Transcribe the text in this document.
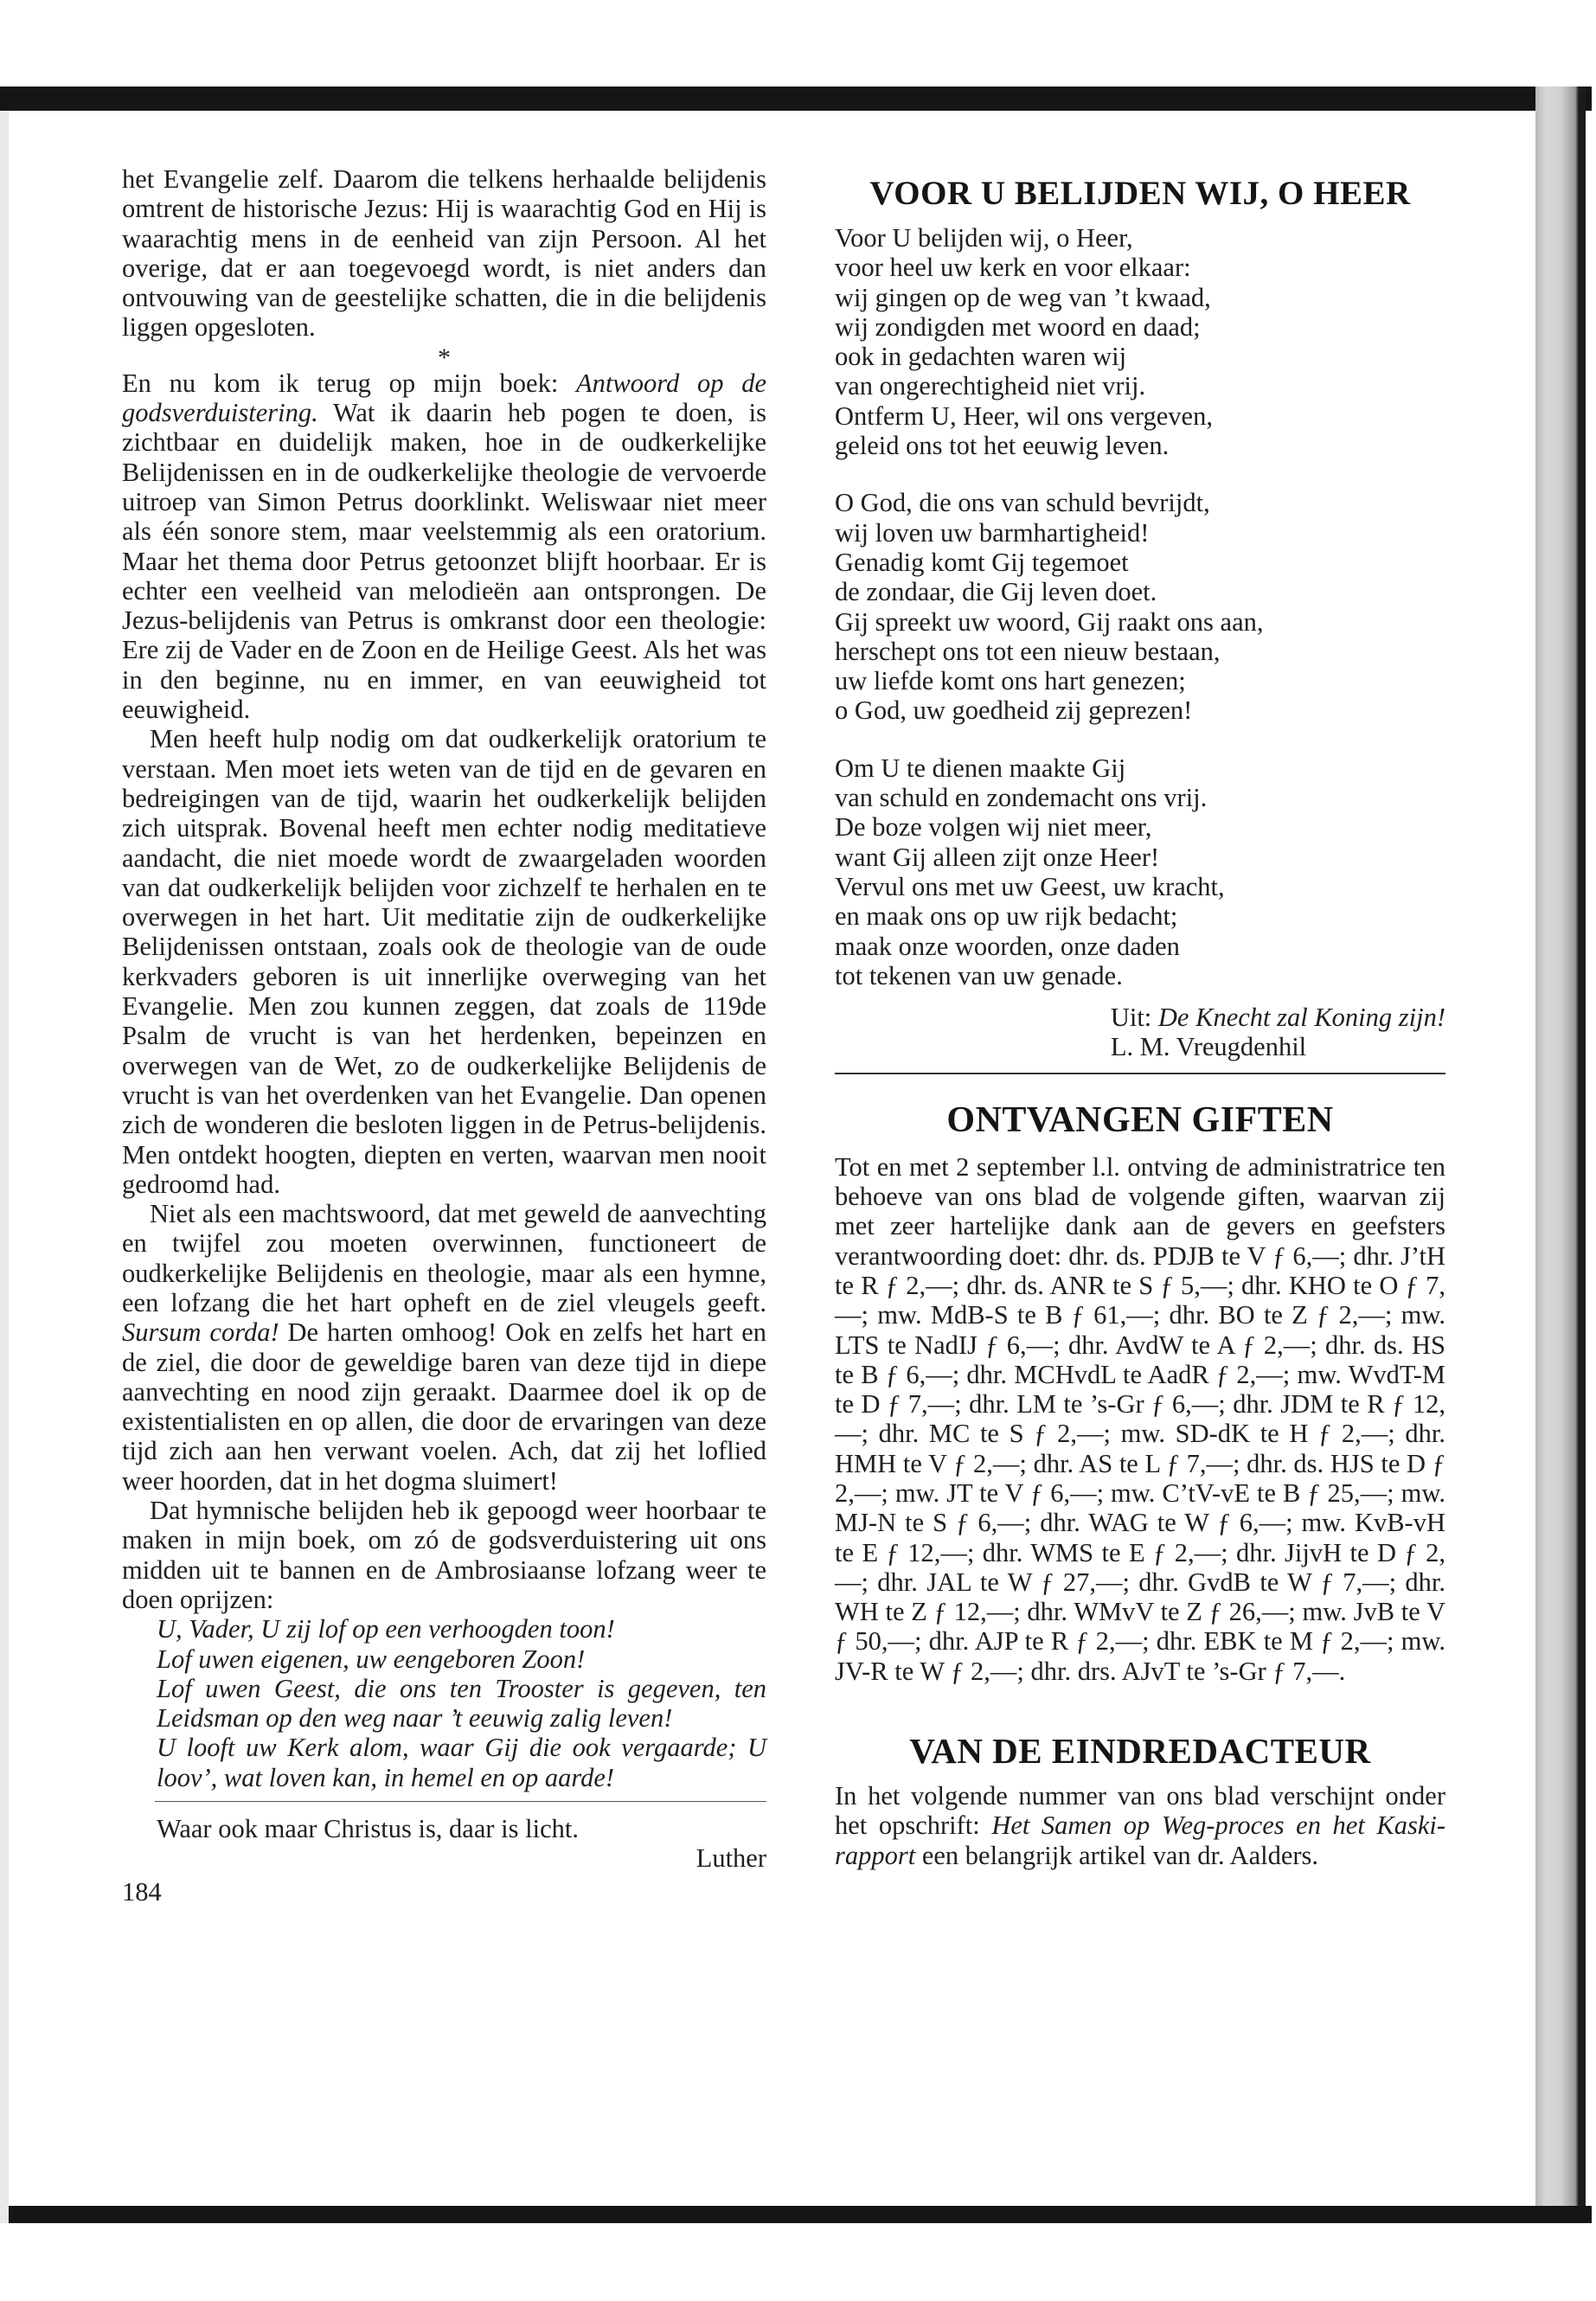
het Evangelie zelf. Daarom die telkens herhaalde belijdenis omtrent de historische Jezus: Hij is waarachtig God en Hij is waarachtig mens in de eenheid van zijn Persoon. Al het overige, dat er aan toegevoegd wordt, is niet anders dan ontvouwing van de geestelijke schatten, die in die belijdenis liggen opgesloten.

*

En nu kom ik terug op mijn boek: Antwoord op de godsverduistering. Wat ik daarin heb pogen te doen, is zichtbaar en duidelijk maken, hoe in de oudkerkelijke Belijdenissen en in de oudkerkelijke theologie de vervoerde uitroep van Simon Petrus doorklinkt. Weliswaar niet meer als één sonore stem, maar veelstemmig als een oratorium. Maar het thema door Petrus getoonzet blijft hoorbaar. Er is echter een veelheid van melodieën aan ontsprongen. De Jezus-belijdenis van Petrus is omkranst door een theologie: Ere zij de Vader en de Zoon en de Heilige Geest. Als het was in den beginne, nu en immer, en van eeuwigheid tot eeuwigheid.

Men heeft hulp nodig om dat oudkerkelijk oratorium te verstaan. Men moet iets weten van de tijd en de gevaren en bedreigingen van de tijd, waarin het oudkerkelijk belijden zich uitsprak. Bovenal heeft men echter nodig meditatieve aandacht, die niet moede wordt de zwaargeladen woorden van dat oudkerkelijk belijden voor zichzelf te herhalen en te overwegen in het hart. Uit meditatie zijn de oudkerkelijke Belijdenissen ontstaan, zoals ook de theologie van de oude kerkvaders geboren is uit innerlijke overweging van het Evangelie. Men zou kunnen zeggen, dat zoals de 119de Psalm de vrucht is van het herdenken, bepeinzen en overwegen van de Wet, zo de oudkerkelijke Belijdenis de vrucht is van het overdenken van het Evangelie. Dan openen zich de wonderen die besloten liggen in de Petrus-belijdenis. Men ontdekt hoogten, diepten en verten, waarvan men nooit gedroomd had.

Niet als een machtswoord, dat met geweld de aanvechting en twijfel zou moeten overwinnen, functioneert de oudkerkelijke Belijdenis en theologie, maar als een hymne, een lofzang die het hart opheft en de ziel vleugels geeft. Sursum corda! De harten omhoog! Ook en zelfs het hart en de ziel, die door de geweldige baren van deze tijd in diepe aanvechting en nood zijn geraakt. Daarmee doel ik op de existentialisten en op allen, die door de ervaringen van deze tijd zich aan hen verwant voelen. Ach, dat zij het loflied weer hoorden, dat in het dogma sluimert!

Dat hymnische belijden heb ik gepoogd weer hoorbaar te maken in mijn boek, om zó de godsverduistering uit ons midden uit te bannen en de Ambrosiaanse lofzang weer te doen oprijzen:

U, Vader, U zij lof op een verhoogden toon!
Lof uwen eigenen, uw eengeboren Zoon!
Lof uwen Geest, die ons ten Trooster is gegeven, ten Leidsman op den weg naar ’t eeuwig zalig leven!
U looft uw Kerk alom, waar Gij die ook vergaarde; U loov’, wat loven kan, in hemel en op aarde!
Waar ook maar Christus is, daar is licht.
Luther
184
VOOR U BELIJDEN WIJ, O HEER
Voor U belijden wij, o Heer,
voor heel uw kerk en voor elkaar:
wij gingen op de weg van ’t kwaad,
wij zondigden met woord en daad;
ook in gedachten waren wij
van ongerechtigheid niet vrij.
Ontferm U, Heer, wil ons vergeven,
geleid ons tot het eeuwig leven.
O God, die ons van schuld bevrijdt,
wij loven uw barmhartigheid!
Genadig komt Gij tegemoet
de zondaar, die Gij leven doet.
Gij spreekt uw woord, Gij raakt ons aan,
herschept ons tot een nieuw bestaan,
uw liefde komt ons hart genezen;
o God, uw goedheid zij geprezen!
Om U te dienen maakte Gij
van schuld en zondemacht ons vrij.
De boze volgen wij niet meer,
want Gij alleen zijt onze Heer!
Vervul ons met uw Geest, uw kracht,
en maak ons op uw rijk bedacht;
maak onze woorden, onze daden
tot tekenen van uw genade.
Uit: De Knecht zal Koning zijn!
L. M. Vreugdenhil
ONTVANGEN GIFTEN

Tot en met 2 september l.l. ontving de administratrice ten behoeve van ons blad de volgende giften, waarvan zij met zeer hartelijke dank aan de gevers en geefsters verantwoording doet: dhr. ds. PDJB te V ƒ 6,—; dhr. J’tH te R ƒ 2,—; dhr. ds. ANR te S ƒ 5,—; dhr. KHO te O ƒ 7,—; mw. MdB-S te B ƒ 61,—; dhr. BO te Z ƒ 2,—; mw. LTS te NadIJ ƒ 6,—; dhr. AvdW te A ƒ 2,—; dhr. ds. HS te B ƒ 6,—; dhr. MCHvdL te AadR ƒ 2,—; mw. WvdT-M te D ƒ 7,—; dhr. LM te ’s-Gr ƒ 6,—; dhr. JDM te R ƒ 12,—; dhr. MC te S ƒ 2,—; mw. SD-dK te H ƒ 2,—; dhr. HMH te V ƒ 2,—; dhr. AS te L ƒ 7,—; dhr. ds. HJS te D ƒ 2,—; mw. JT te V ƒ 6,—; mw. C’tV-vE te B ƒ 25,—; mw. MJ-N te S ƒ 6,—; dhr. WAG te W ƒ 6,—; mw. KvB-vH te E ƒ 12,—; dhr. WMS te E ƒ 2,—; dhr. JijvH te D ƒ 2,—; dhr. JAL te W ƒ 27,—; dhr. GvdB te W ƒ 7,—; dhr. WH te Z ƒ 12,—; dhr. WMvV te Z ƒ 26,—; mw. JvB te V ƒ 50,—; dhr. AJP te R ƒ 2,—; dhr. EBK te M ƒ 2,—; mw. JV-R te W ƒ 2,—; dhr. drs. AJvT te ’s-Gr ƒ 7,—.

VAN DE EINDREDACTEUR

In het volgende nummer van ons blad verschijnt onder het opschrift: Het Samen op Weg-proces en het Kaski-rapport een belangrijk artikel van dr. Aalders.
